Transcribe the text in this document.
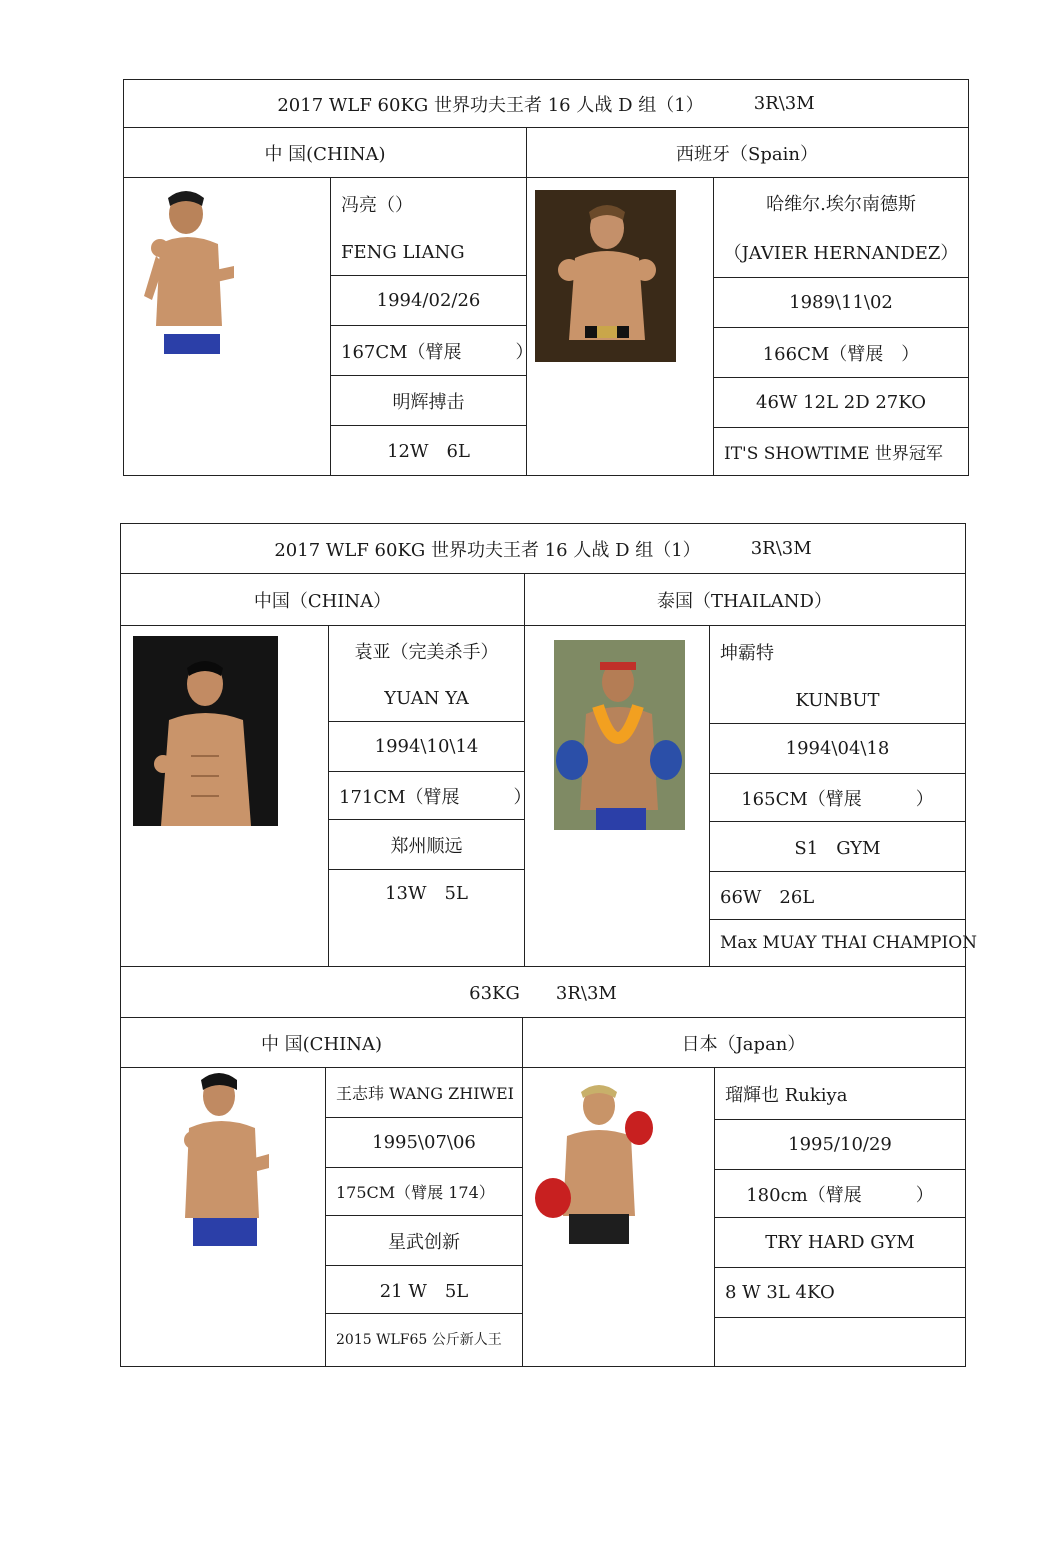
2017 WLF 60KG 世界功夫王者 16 人战 D 组（1）	3R\3M
中 国(CHINA)	西班牙（Spain）
冯亮（）
FENG LIANG
1994/02/26
167CM（臂展　　　）
明辉搏击
12W　6L
哈维尔.埃尔南德斯
（JAVIER HERNANDEZ）
1989\11\02
166CM（臂展　）
46W 12L 2D 27KO
IT'S SHOWTIME 世界冠军
2017 WLF 60KG 世界功夫王者 16 人战 D 组（1）	3R\3M
中国（CHINA）	泰国（THAILAND）
袁亚（完美杀手）
YUAN YA
1994\10\14
171CM（臂展　　　）
郑州顺远
13W　5L
坤霸特
KUNBUT
1994\04\18
165CM（臂展　　　）
S1　GYM
66W　26L
Max MUAY THAI CHAMPION
63KG　　3R\3M
中 国(CHINA)	日本（Japan）
王志玮 WANG ZHIWEI
1995\07\06
175CM（臂展 174）
星武创新
21 W　5L
2015 WLF65 公斤新人王
瑠輝也 Rukiya
1995/10/29
180cm（臂展　　　）
TRY HARD GYM
8 W 3L 4KO
